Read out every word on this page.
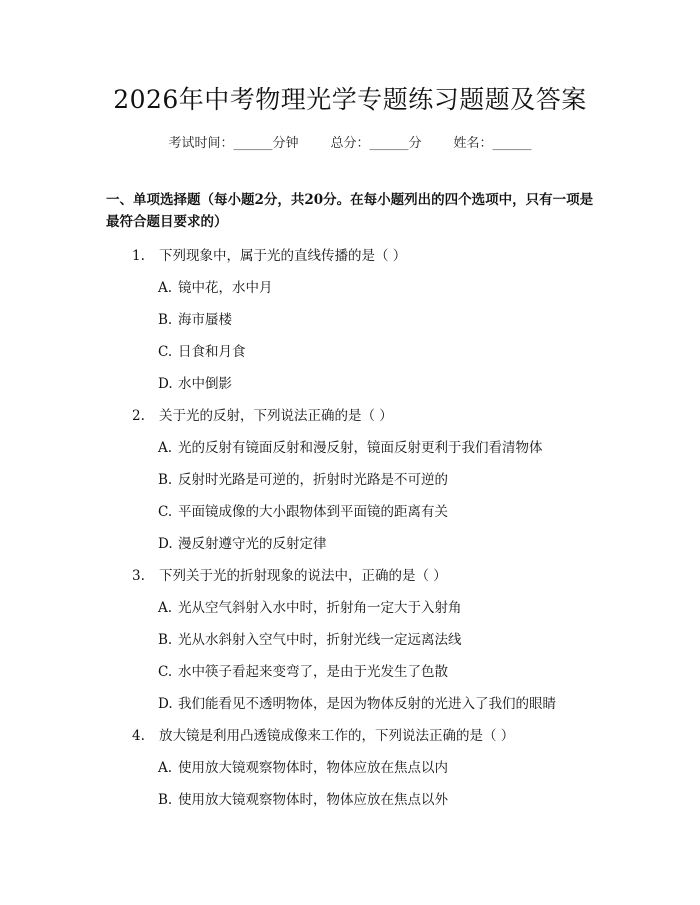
2026年中考物理光学专题练习题题及答案
考试时间：______分钟 总分：______分 姓名：______
一、单项选择题（每小题2分，共20分。在每小题列出的四个选项中，只有一项是最符合题目要求的）
1. 下列现象中，属于光的直线传播的是（ ）
A. 镜中花，水中月
B. 海市蜃楼
C. 日食和月食
D. 水中倒影
2. 关于光的反射，下列说法正确的是（ ）
A. 光的反射有镜面反射和漫反射，镜面反射更利于我们看清物体
B. 反射时光路是可逆的，折射时光路是不可逆的
C. 平面镜成像的大小跟物体到平面镜的距离有关
D. 漫反射遵守光的反射定律
3. 下列关于光的折射现象的说法中，正确的是（ ）
A. 光从空气斜射入水中时，折射角一定大于入射角
B. 光从水斜射入空气中时，折射光线一定远离法线
C. 水中筷子看起来变弯了，是由于光发生了色散
D. 我们能看见不透明物体，是因为物体反射的光进入了我们的眼睛
4. 放大镜是利用凸透镜成像来工作的，下列说法正确的是（ ）
A. 使用放大镜观察物体时，物体应放在焦点以内
B. 使用放大镜观察物体时，物体应放在焦点以外
